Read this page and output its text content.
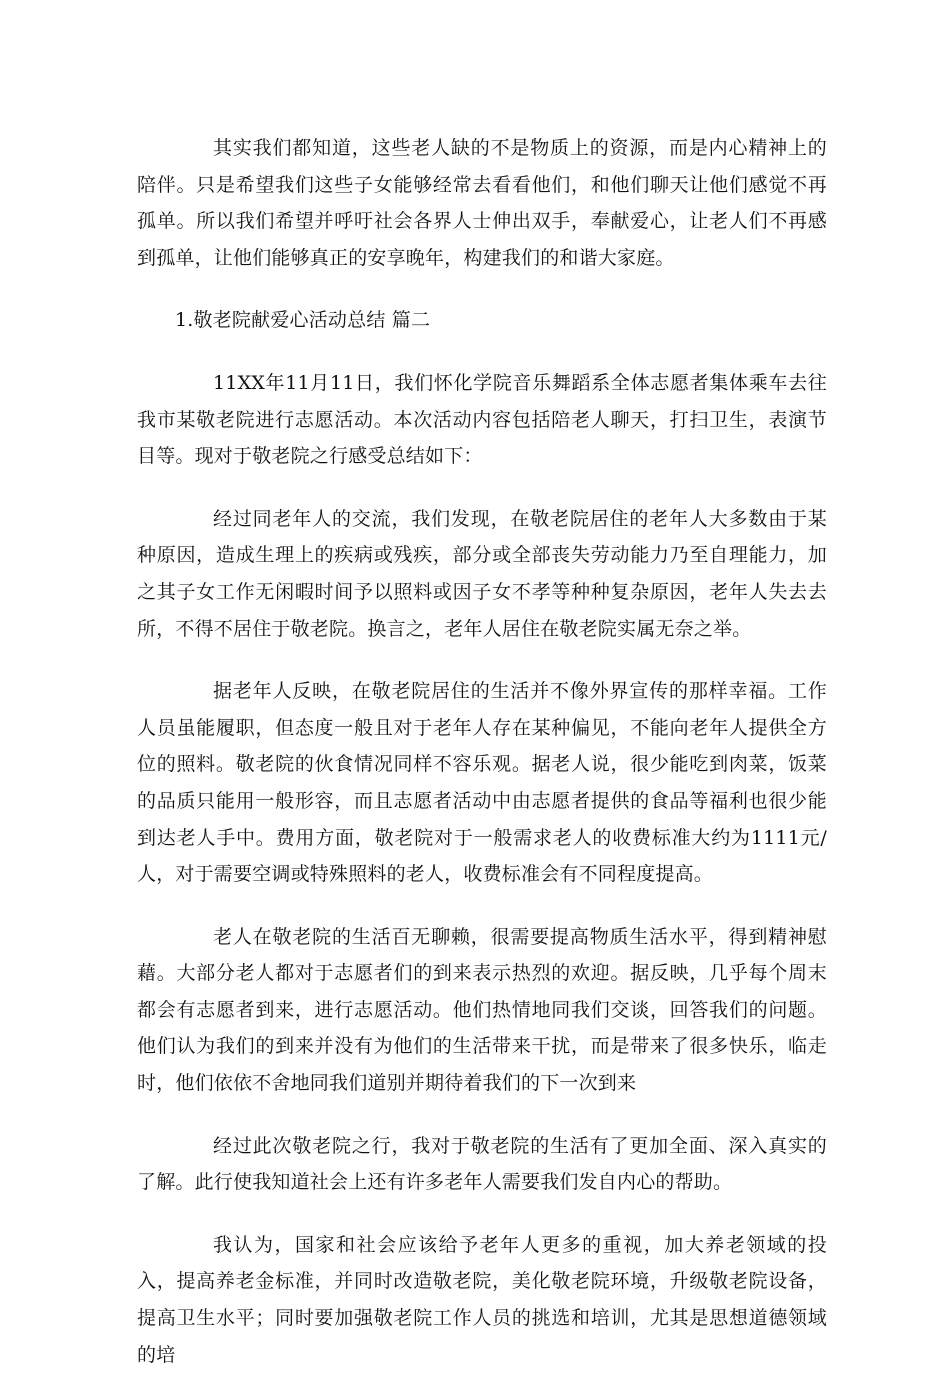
其实我们都知道，这些老人缺的不是物质上的资源，而是内心精神上的陪伴。只是希望我们这些子女能够经常去看看他们，和他们聊天让他们感觉不再孤单。所以我们希望并呼吁社会各界人士伸出双手，奉献爱心，让老人们不再感到孤单，让他们能够真正的安享晚年，构建我们的和谐大家庭。

1.敬老院献爱心活动总结 篇二

11XX年11月11日，我们怀化学院音乐舞蹈系全体志愿者集体乘车去往我市某敬老院进行志愿活动。本次活动内容包括陪老人聊天，打扫卫生，表演节目等。现对于敬老院之行感受总结如下：

经过同老年人的交流，我们发现，在敬老院居住的老年人大多数由于某种原因，造成生理上的疾病或残疾，部分或全部丧失劳动能力乃至自理能力，加之其子女工作无闲暇时间予以照料或因子女不孝等种种复杂原因，老年人失去去所，不得不居住于敬老院。换言之，老年人居住在敬老院实属无奈之举。

据老年人反映，在敬老院居住的生活并不像外界宣传的那样幸福。工作人员虽能履职，但态度一般且对于老年人存在某种偏见，不能向老年人提供全方位的照料。敬老院的伙食情况同样不容乐观。据老人说，很少能吃到肉菜，饭菜的品质只能用一般形容，而且志愿者活动中由志愿者提供的食品等福利也很少能到达老人手中。费用方面，敬老院对于一般需求老人的收费标准大约为1111元/人，对于需要空调或特殊照料的老人，收费标准会有不同程度提高。

老人在敬老院的生活百无聊赖，很需要提高物质生活水平，得到精神慰藉。大部分老人都对于志愿者们的到来表示热烈的欢迎。据反映，几乎每个周末都会有志愿者到来，进行志愿活动。他们热情地同我们交谈，回答我们的问题。他们认为我们的到来并没有为他们的生活带来干扰，而是带来了很多快乐，临走时，他们依依不舍地同我们道别并期待着我们的下一次到来

经过此次敬老院之行，我对于敬老院的生活有了更加全面、深入真实的了解。此行使我知道社会上还有许多老年人需要我们发自内心的帮助。

我认为，国家和社会应该给予老年人更多的重视，加大养老领域的投入，提高养老金标准，并同时改造敬老院，美化敬老院环境，升级敬老院设备，提高卫生水平；同时要加强敬老院工作人员的挑选和培训，尤其是思想道德领域的培
